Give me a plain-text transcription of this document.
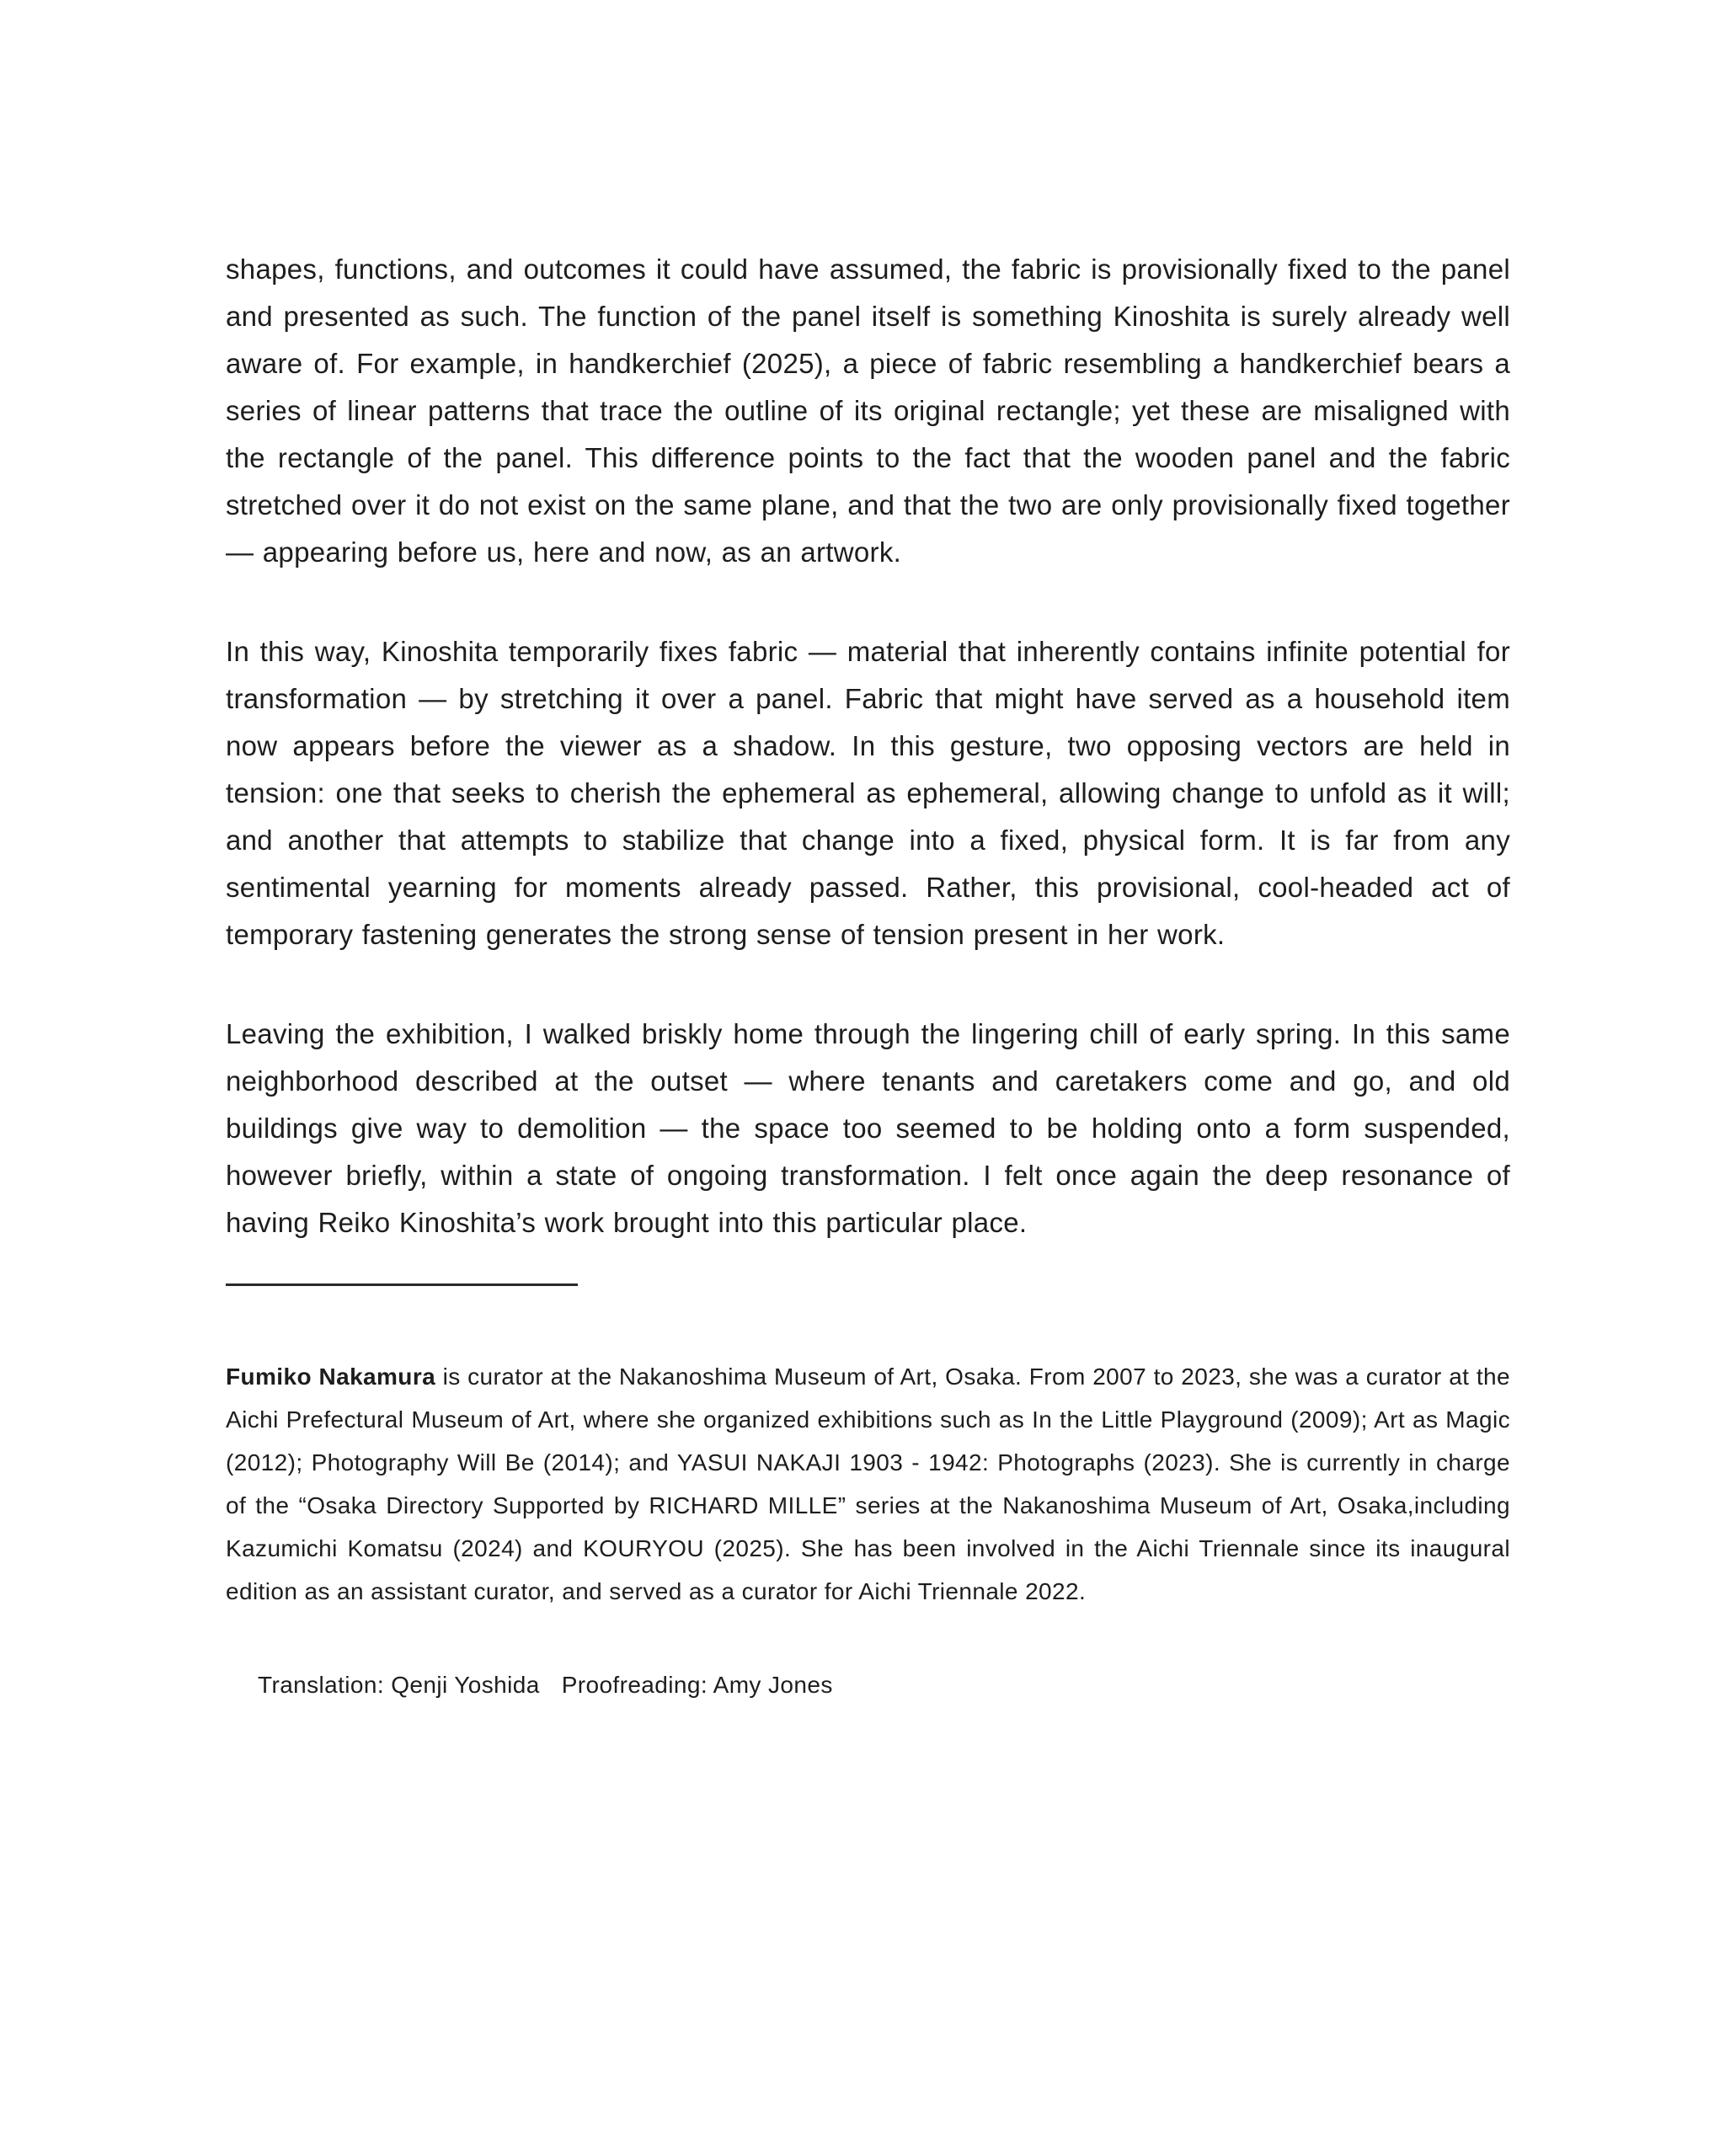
shapes, functions, and outcomes it could have assumed, the fabric is provisionally fixed to the panel and presented as such. The function of the panel itself is something Kinoshita is surely already well aware of. For example, in handkerchief (2025), a piece of fabric resembling a handkerchief bears a series of linear patterns that trace the outline of its original rectangle; yet these are misaligned with the rectangle of the panel. This difference points to the fact that the wooden panel and the fabric stretched over it do not exist on the same plane, and that the two are only provisionally fixed together — appearing before us, here and now, as an artwork.

In this way, Kinoshita temporarily fixes fabric — material that inherently contains infinite potential for transformation — by stretching it over a panel. Fabric that might have served as a household item now appears before the viewer as a shadow. In this gesture, two opposing vectors are held in tension: one that seeks to cherish the ephemeral as ephemeral, allowing change to unfold as it will; and another that attempts to stabilize that change into a fixed, physical form. It is far from any sentimental yearning for moments already passed. Rather, this provisional, cool-headed act of temporary fastening generates the strong sense of tension present in her work.

Leaving the exhibition, I walked briskly home through the lingering chill of early spring. In this same neighborhood described at the outset — where tenants and caretakers come and go, and old buildings give way to demolition — the space too seemed to be holding onto a form suspended, however briefly, within a state of ongoing transformation. I felt once again the deep resonance of having Reiko Kinoshita’s work brought into this particular place.

Fumiko Nakamura is curator at the Nakanoshima Museum of Art, Osaka. From 2007 to 2023, she was a curator at the Aichi Prefectural Museum of Art, where she organized exhibitions such as In the Little Playground (2009); Art as Magic (2012); Photography Will Be (2014); and YASUI NAKAJI 1903 - 1942: Photographs (2023). She is currently in charge of the “Osaka Directory Supported by RICHARD MILLE” series at the Nakanoshima Museum of Art, Osaka,including Kazumichi Komatsu (2024) and KOURYOU (2025). She has been involved in the Aichi Triennale since its inaugural edition as an assistant curator, and served as a curator for Aichi Triennale 2022.

Translation: Qenji Yoshida Proofreading: Amy Jones
